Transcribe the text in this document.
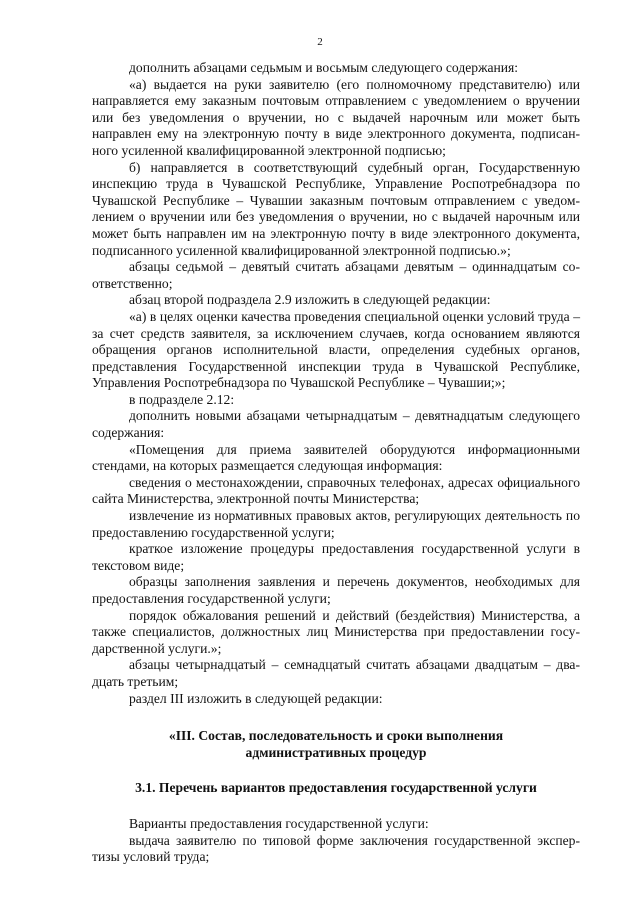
2

дополнить абзацами седьмым и восьмым следующего содержания:

«а) выдается на руки заявителю (его полномочному представителю) или направляется ему заказным почтовым отправлением с уведомлением о вручении или без уведомления о вручении, но с выдачей нарочным или может быть направлен ему на электронную почту в виде электронного документа, подписанного усиленной квалифицированной электронной подписью;

б) направляется в соответствующий судебный орган, Государственную инспекцию труда в Чувашской Республике, Управление Роспотребнадзора по Чувашской Республике – Чувашии заказным почтовым отправлением с уведомлением о вручении или без уведомления о вручении, но с выдачей нарочным или может быть направлен им на электронную почту в виде электронного документа, подписанного усиленной квалифицированной электронной подписью.»;

абзацы седьмой – девятый считать абзацами девятым – одиннадцатым соответственно;

абзац второй подраздела 2.9 изложить в следующей редакции:

«а) в целях оценки качества проведения специальной оценки условий труда – за счет средств заявителя, за исключением случаев, когда основанием являются обращения органов исполнительной власти, определения судебных органов, представления Государственной инспекции труда в Чувашской Республике, Управления Роспотребнадзора по Чувашской Республике – Чувашии;»;

в подразделе 2.12:

дополнить новыми абзацами четырнадцатым – девятнадцатым следующего содержания:

«Помещения для приема заявителей оборудуются информационными стендами, на которых размещается следующая информация:

сведения о местонахождении, справочных телефонах, адресах официального сайта Министерства, электронной почты Министерства;

извлечение из нормативных правовых актов, регулирующих деятельность по предоставлению государственной услуги;

краткое изложение процедуры предоставления государственной услуги в текстовом виде;

образцы заполнения заявления и перечень документов, необходимых для предоставления государственной услуги;

порядок обжалования решений и действий (бездействия) Министерства, а также специалистов, должностных лиц Министерства при предоставлении государственной услуги.»;

абзацы четырнадцатый – семнадцатый считать абзацами двадцатым – двадцать третьим;

раздел III изложить в следующей редакции:

«III. Состав, последовательность и сроки выполнения административных процедур
3.1. Перечень вариантов предоставления государственной услуги

Варианты предоставления государственной услуги:

выдача заявителю по типовой форме заключения государственной экспертизы условий труда;
